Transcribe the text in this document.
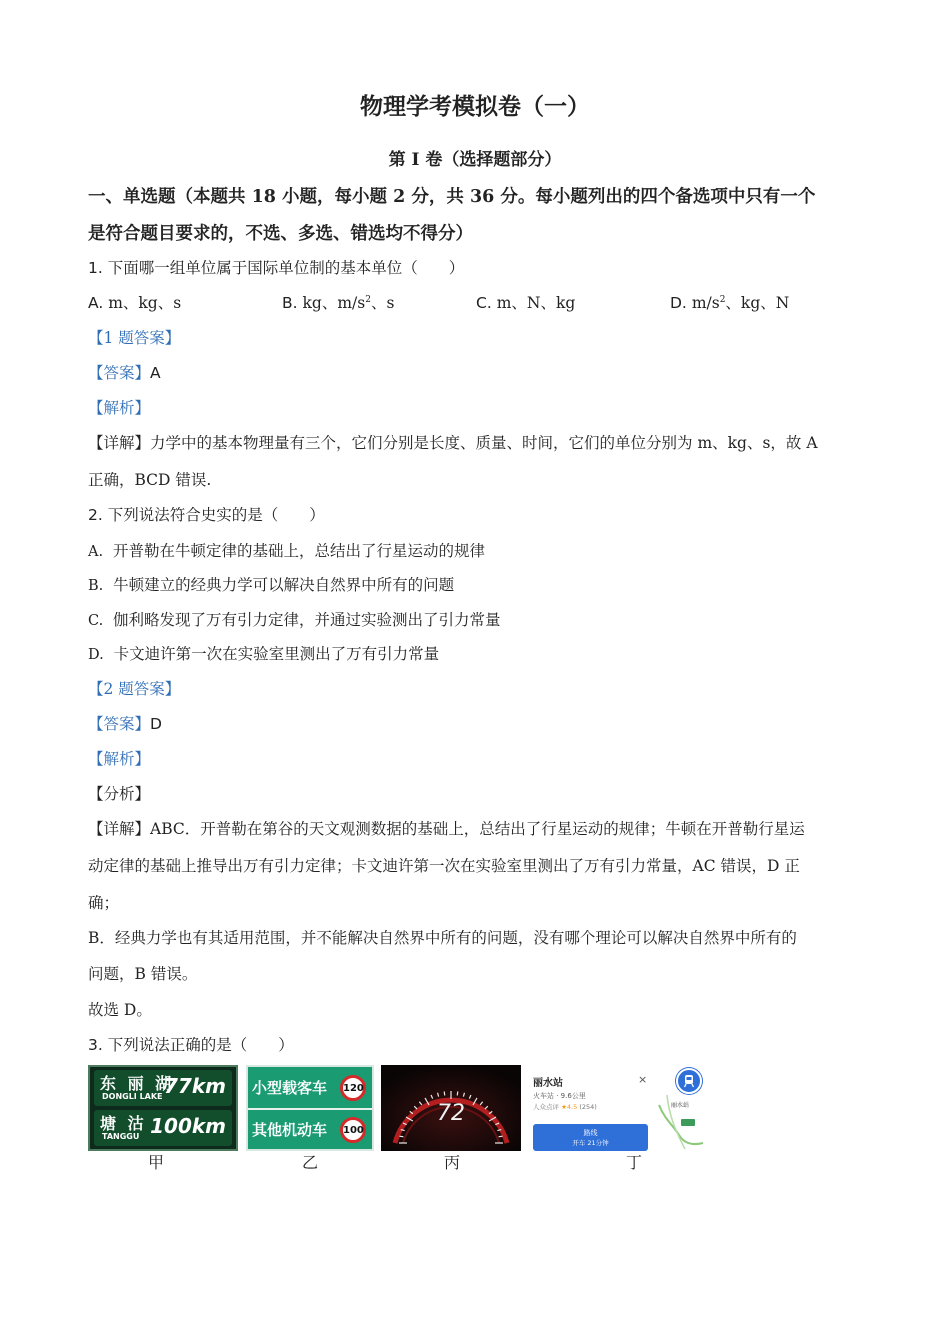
物理学考模拟卷（一）
第 I 卷（选择题部分）
一、单选题（本题共 18 小题，每小题 2 分，共 36 分。每小题列出的四个备选项中只有一个
是符合题目要求的，不选、多选、错选均不得分）
1. 下面哪一组单位属于国际单位制的基本单位（　　）
A. m、kg、s	B. kg、$m/s^2$、s	C. m、N、kg	D. $m/s^2$、kg、N
【1 题答案】
【答案】A
【解析】
【详解】力学中的基本物理量有三个，它们分别是长度、质量、时间，它们的单位分别为 m、kg、s，故 A
正确，BCD 错误.
2. 下列说法符合史实的是（　　）
A. 开普勒在牛顿定律的基础上，总结出了行星运动的规律
B. 牛顿建立的经典力学可以解决自然界中所有的问题
C. 伽利略发现了万有引力定律，并通过实验测出了引力常量
D. 卡文迪许第一次在实验室里测出了万有引力常量
【2 题答案】
【答案】D
【解析】
【分析】
【详解】ABC．开普勒在第谷的天文观测数据的基础上，总结出了行星运动的规律；牛顿在开普勒行星运
动定律的基础上推导出万有引力定律；卡文迪许第一次在实验室里测出了万有引力常量，AC 错误，D 正
确；
B．经典力学也有其适用范围，并不能解决自然界中所有的问题，没有哪个理论可以解决自然界中所有的
问题，B 错误。
故选 D。
3. 下列说法正确的是（　　）
东 丽 湖
DONGLI LAKE 77km
塘 沽
TANGGU 100km
甲
小型载客车	120
其他机动车	100
乙
72
丙
丽水站	×
火车站 · 9.6公里
人众点评 ★4.5 (254)
路线
开车 21分钟
丽水站
丁
